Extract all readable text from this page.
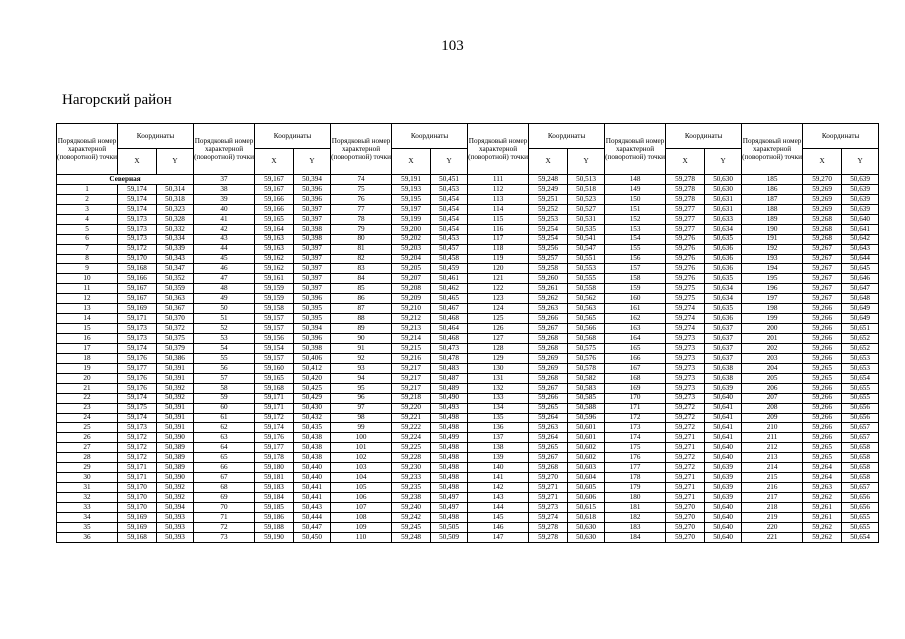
103
Нагорский район
Порядковый номер характерной (поворотной) точки	Координаты		Порядковый номер характерной (поворотной) точки	Координаты		Порядковый номер характерной (поворотной) точки	Координаты		Порядковый номер характерной (поворотной) точки	Координаты		Порядковый номер характерной (поворотной) точки	Координаты		Порядковый номер характерной (поворотной) точки	Координаты	
	X	Y		X	Y		X	Y		X	Y		X	Y		X	Y
Северная			37	59,167	50,394	74	59,191	50,451	111	59,248	50,513	148	59,278	50,630	185	59,270	50,639
1	59,174	50,314	38	59,167	50,396	75	59,193	50,453	112	59,249	50,518	149	59,278	50,630	186	59,269	50,639
2	59,174	50,318	39	59,166	50,396	76	59,195	50,454	113	59,251	50,523	150	59,278	50,631	187	59,269	50,639
3	59,174	50,323	40	59,166	50,397	77	59,197	50,454	114	59,252	50,527	151	59,277	50,631	188	59,269	50,639
4	59,173	50,328	41	59,165	50,397	78	59,199	50,454	115	59,253	50,531	152	59,277	50,633	189	59,268	50,640
5	59,173	50,332	42	59,164	50,398	79	59,200	50,454	116	59,254	50,535	153	59,277	50,634	190	59,268	50,641
6	59,173	50,334	43	59,163	50,398	80	59,202	50,453	117	59,254	50,541	154	59,276	50,635	191	59,268	50,642
7	59,172	50,339	44	59,163	50,397	81	59,203	50,457	118	59,256	50,547	155	59,276	50,636	192	59,267	50,643
8	59,170	50,343	45	59,162	50,397	82	59,204	50,458	119	59,257	50,551	156	59,276	50,636	193	59,267	50,644
9	59,168	50,347	46	59,162	50,397	83	59,205	50,459	120	59,258	50,553	157	59,276	50,636	194	59,267	50,645
10	59,166	50,352	47	59,161	50,397	84	59,207	50,461	121	59,260	50,555	158	59,276	50,635	195	59,267	50,646
11	59,167	50,359	48	59,159	50,397	85	59,208	50,462	122	59,261	50,558	159	59,275	50,634	196	59,267	50,647
12	59,167	50,363	49	59,159	50,396	86	59,209	50,465	123	59,262	50,562	160	59,275	50,634	197	59,267	50,648
13	59,169	50,367	50	59,158	50,395	87	59,210	50,467	124	59,263	50,563	161	59,274	50,635	198	59,266	50,649
14	59,171	50,370	51	59,157	50,395	88	59,212	50,468	125	59,266	50,565	162	59,274	50,636	199	59,266	50,649
15	59,173	50,372	52	59,157	50,394	89	59,213	50,464	126	59,267	50,566	163	59,274	50,637	200	59,266	50,651
16	59,173	50,375	53	59,156	50,396	90	59,214	50,468	127	59,268	50,568	164	59,273	50,637	201	59,266	50,652
17	59,174	50,379	54	59,154	50,398	91	59,215	50,473	128	59,268	50,575	165	59,273	50,637	202	59,266	50,652
18	59,176	50,386	55	59,157	50,406	92	59,216	50,478	129	59,269	50,576	166	59,273	50,637	203	59,266	50,653
19	59,177	50,391	56	59,160	50,412	93	59,217	50,483	130	59,269	50,578	167	59,273	50,638	204	59,265	50,653
20	59,176	50,391	57	59,165	50,420	94	59,217	50,487	131	59,268	50,582	168	59,273	50,638	205	59,265	50,654
21	59,176	50,392	58	59,168	50,425	95	59,217	50,489	132	59,267	50,583	169	59,273	50,639	206	59,266	50,655
22	59,174	50,392	59	59,171	50,429	96	59,218	50,490	133	59,266	50,585	170	59,273	50,640	207	59,266	50,655
23	59,175	50,391	60	59,171	50,430	97	59,220	50,493	134	59,265	50,588	171	59,272	50,641	208	59,266	50,656
24	59,174	50,391	61	59,172	50,432	98	59,221	50,498	135	59,264	50,596	172	59,272	50,641	209	59,266	50,656
25	59,173	50,391	62	59,174	50,435	99	59,222	50,498	136	59,263	50,601	173	59,272	50,641	210	59,266	50,657
26	59,172	50,390	63	59,176	50,438	100	59,224	50,499	137	59,264	50,601	174	59,271	50,641	211	59,266	50,657
27	59,172	50,389	64	59,177	50,438	101	59,225	50,498	138	59,265	50,602	175	59,271	50,640	212	59,265	50,658
28	59,172	50,389	65	59,178	50,438	102	59,228	50,498	139	59,267	50,602	176	59,272	50,640	213	59,265	50,658
29	59,171	50,389	66	59,180	50,440	103	59,230	50,498	140	59,268	50,603	177	59,272	50,639	214	59,264	50,658
30	59,171	50,390	67	59,181	50,440	104	59,233	50,498	141	59,270	50,604	178	59,271	50,639	215	59,264	50,658
31	59,170	50,392	68	59,183	50,441	105	59,235	50,498	142	59,271	50,605	179	59,271	50,639	216	59,263	50,657
32	59,170	50,392	69	59,184	50,441	106	59,238	50,497	143	59,271	50,606	180	59,271	50,639	217	59,262	50,656
33	59,170	50,394	70	59,185	50,443	107	59,240	50,497	144	59,273	50,615	181	59,270	50,640	218	59,261	50,656
34	59,169	50,393	71	59,186	50,444	108	59,242	50,498	145	59,274	50,618	182	59,270	50,640	219	59,261	50,655
35	59,169	50,393	72	59,188	50,447	109	59,245	50,505	146	59,278	50,630	183	59,270	50,640	220	59,262	50,655
36	59,168	50,393	73	59,190	50,450	110	59,248	50,509	147	59,278	50,630	184	59,270	50,640	221	59,262	50,654
